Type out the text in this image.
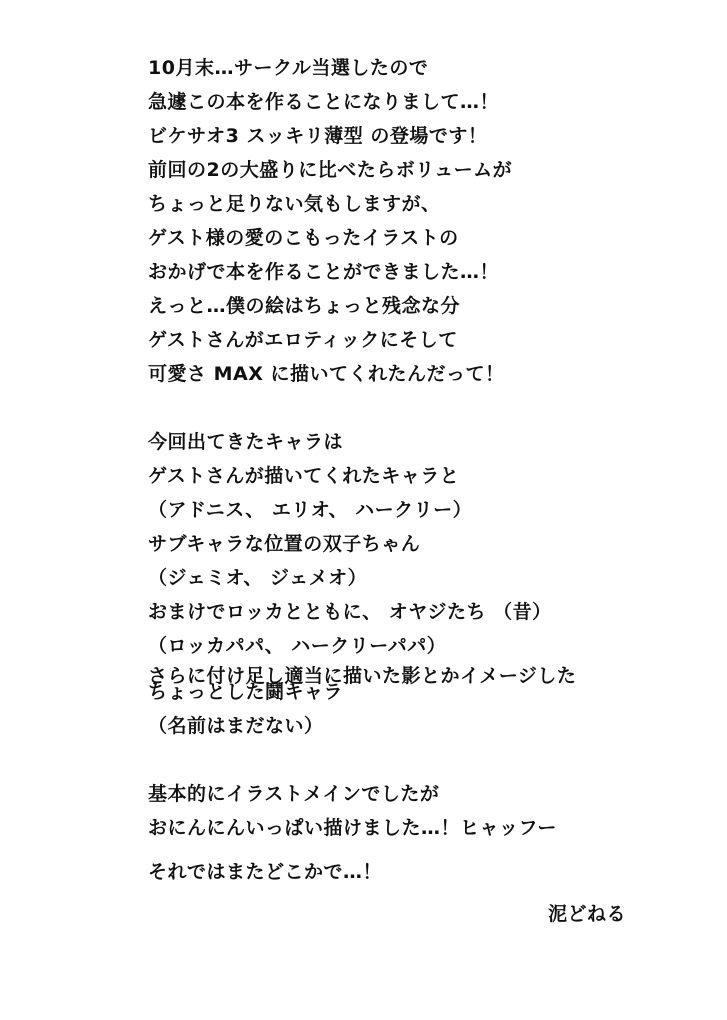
10月末…サークル当選したので
急遽この本を作ることになりまして…！
ビケサオ3 スッキリ薄型 の登場です！
前回の2の大盛りに比べたらボリュームが
ちょっと足りない気もしますが、
ゲスト様の愛のこもったイラストの
おかげで本を作ることができました…！
えっと…僕の絵はちょっと残念な分
ゲストさんがエロティックにそして
可愛さ MAX に描いてくれたんだって！
今回出てきたキャラは
ゲストさんが描いてくれたキャラと
（アドニス、 エリオ、 ハークリー）
サブキャラな位置の双子ちゃん
（ジェミオ、 ジェメオ）
おまけでロッカとともに、 オヤジたち （昔）
（ロッカパパ、 ハークリーパパ）
さらに付け足し適当に描いた影とかイメージした
ちょっとした鬪キャラ
（名前はまだない）
基本的にイラストメインでしたが
おにんにんいっぱい描けました…！ヒャッフー
それではまたどこかで…！
泥どねる
